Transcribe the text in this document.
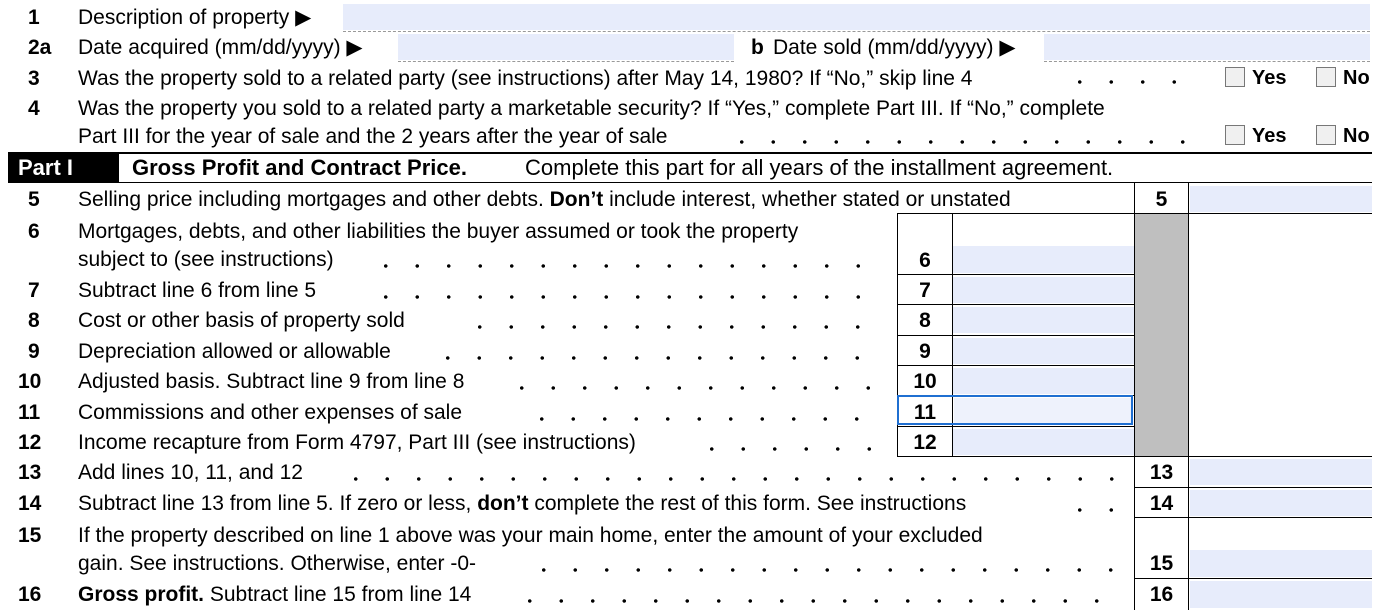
1 Description of property ▶
2a Date acquired (mm/dd/yyyy) ▶	b Date sold (mm/dd/yyyy) ▶
3 Was the property sold to a related party (see instructions) after May 14, 1980? If “No,” skip line 4	Yes	No
4 Was the property you sold to a related party a marketable security? If “Yes,” complete Part III. If “No,” complete
Part III for the year of sale and the 2 years after the year of sale	Yes	No
Part I	Gross Profit and Contract Price.	Complete this part for all years of the installment agreement.
5 Selling price including mortgages and other debts. Don’t include interest, whether stated or unstated	5
6 Mortgages, debts, and other liabilities the buyer assumed or took the property
subject to (see instructions)	6
7 Subtract line 6 from line 5	7
8 Cost or other basis of property sold	8
9 Depreciation allowed or allowable	9
10 Adjusted basis. Subtract line 9 from line 8	10
11 Commissions and other expenses of sale	11
12 Income recapture from Form 4797, Part III (see instructions)	12
13 Add lines 10, 11, and 12	13
14 Subtract line 13 from line 5. If zero or less, don’t complete the rest of this form. See instructions	14
15 If the property described on line 1 above was your main home, enter the amount of your excluded
gain. See instructions. Otherwise, enter -0-	15
16 Gross profit. Subtract line 15 from line 14	16
